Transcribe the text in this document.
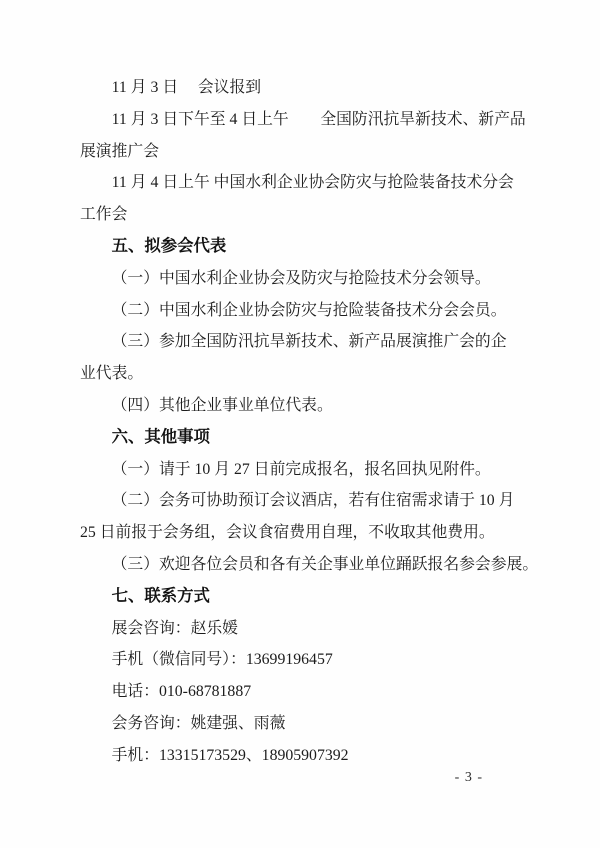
11 月 3 日　 会议报到

11 月 3 日下午至 4 日上午　　全国防汛抗旱新技术、新产品
展演推广会

11 月 4 日上午 中国水利企业协会防灾与抢险装备技术分会
工作会

五、拟参会代表

（一）中国水利企业协会及防灾与抢险技术分会领导。

（二）中国水利企业协会防灾与抢险装备技术分会会员。

（三）参加全国防汛抗旱新技术、新产品展演推广会的企
业代表。

（四）其他企业事业单位代表。

六、其他事项

（一）请于 10 月 27 日前完成报名，报名回执见附件。

（二）会务可协助预订会议酒店，若有住宿需求请于 10 月
25 日前报于会务组，会议食宿费用自理，不收取其他费用。

（三）欢迎各位会员和各有关企事业单位踊跃报名参会参展。

七、联系方式

展会咨询：赵乐媛

手机（微信同号）：13699196457

电话：010-68781887

会务咨询：姚建强、雨薇

手机：13315173529、18905907392

- 3 -
